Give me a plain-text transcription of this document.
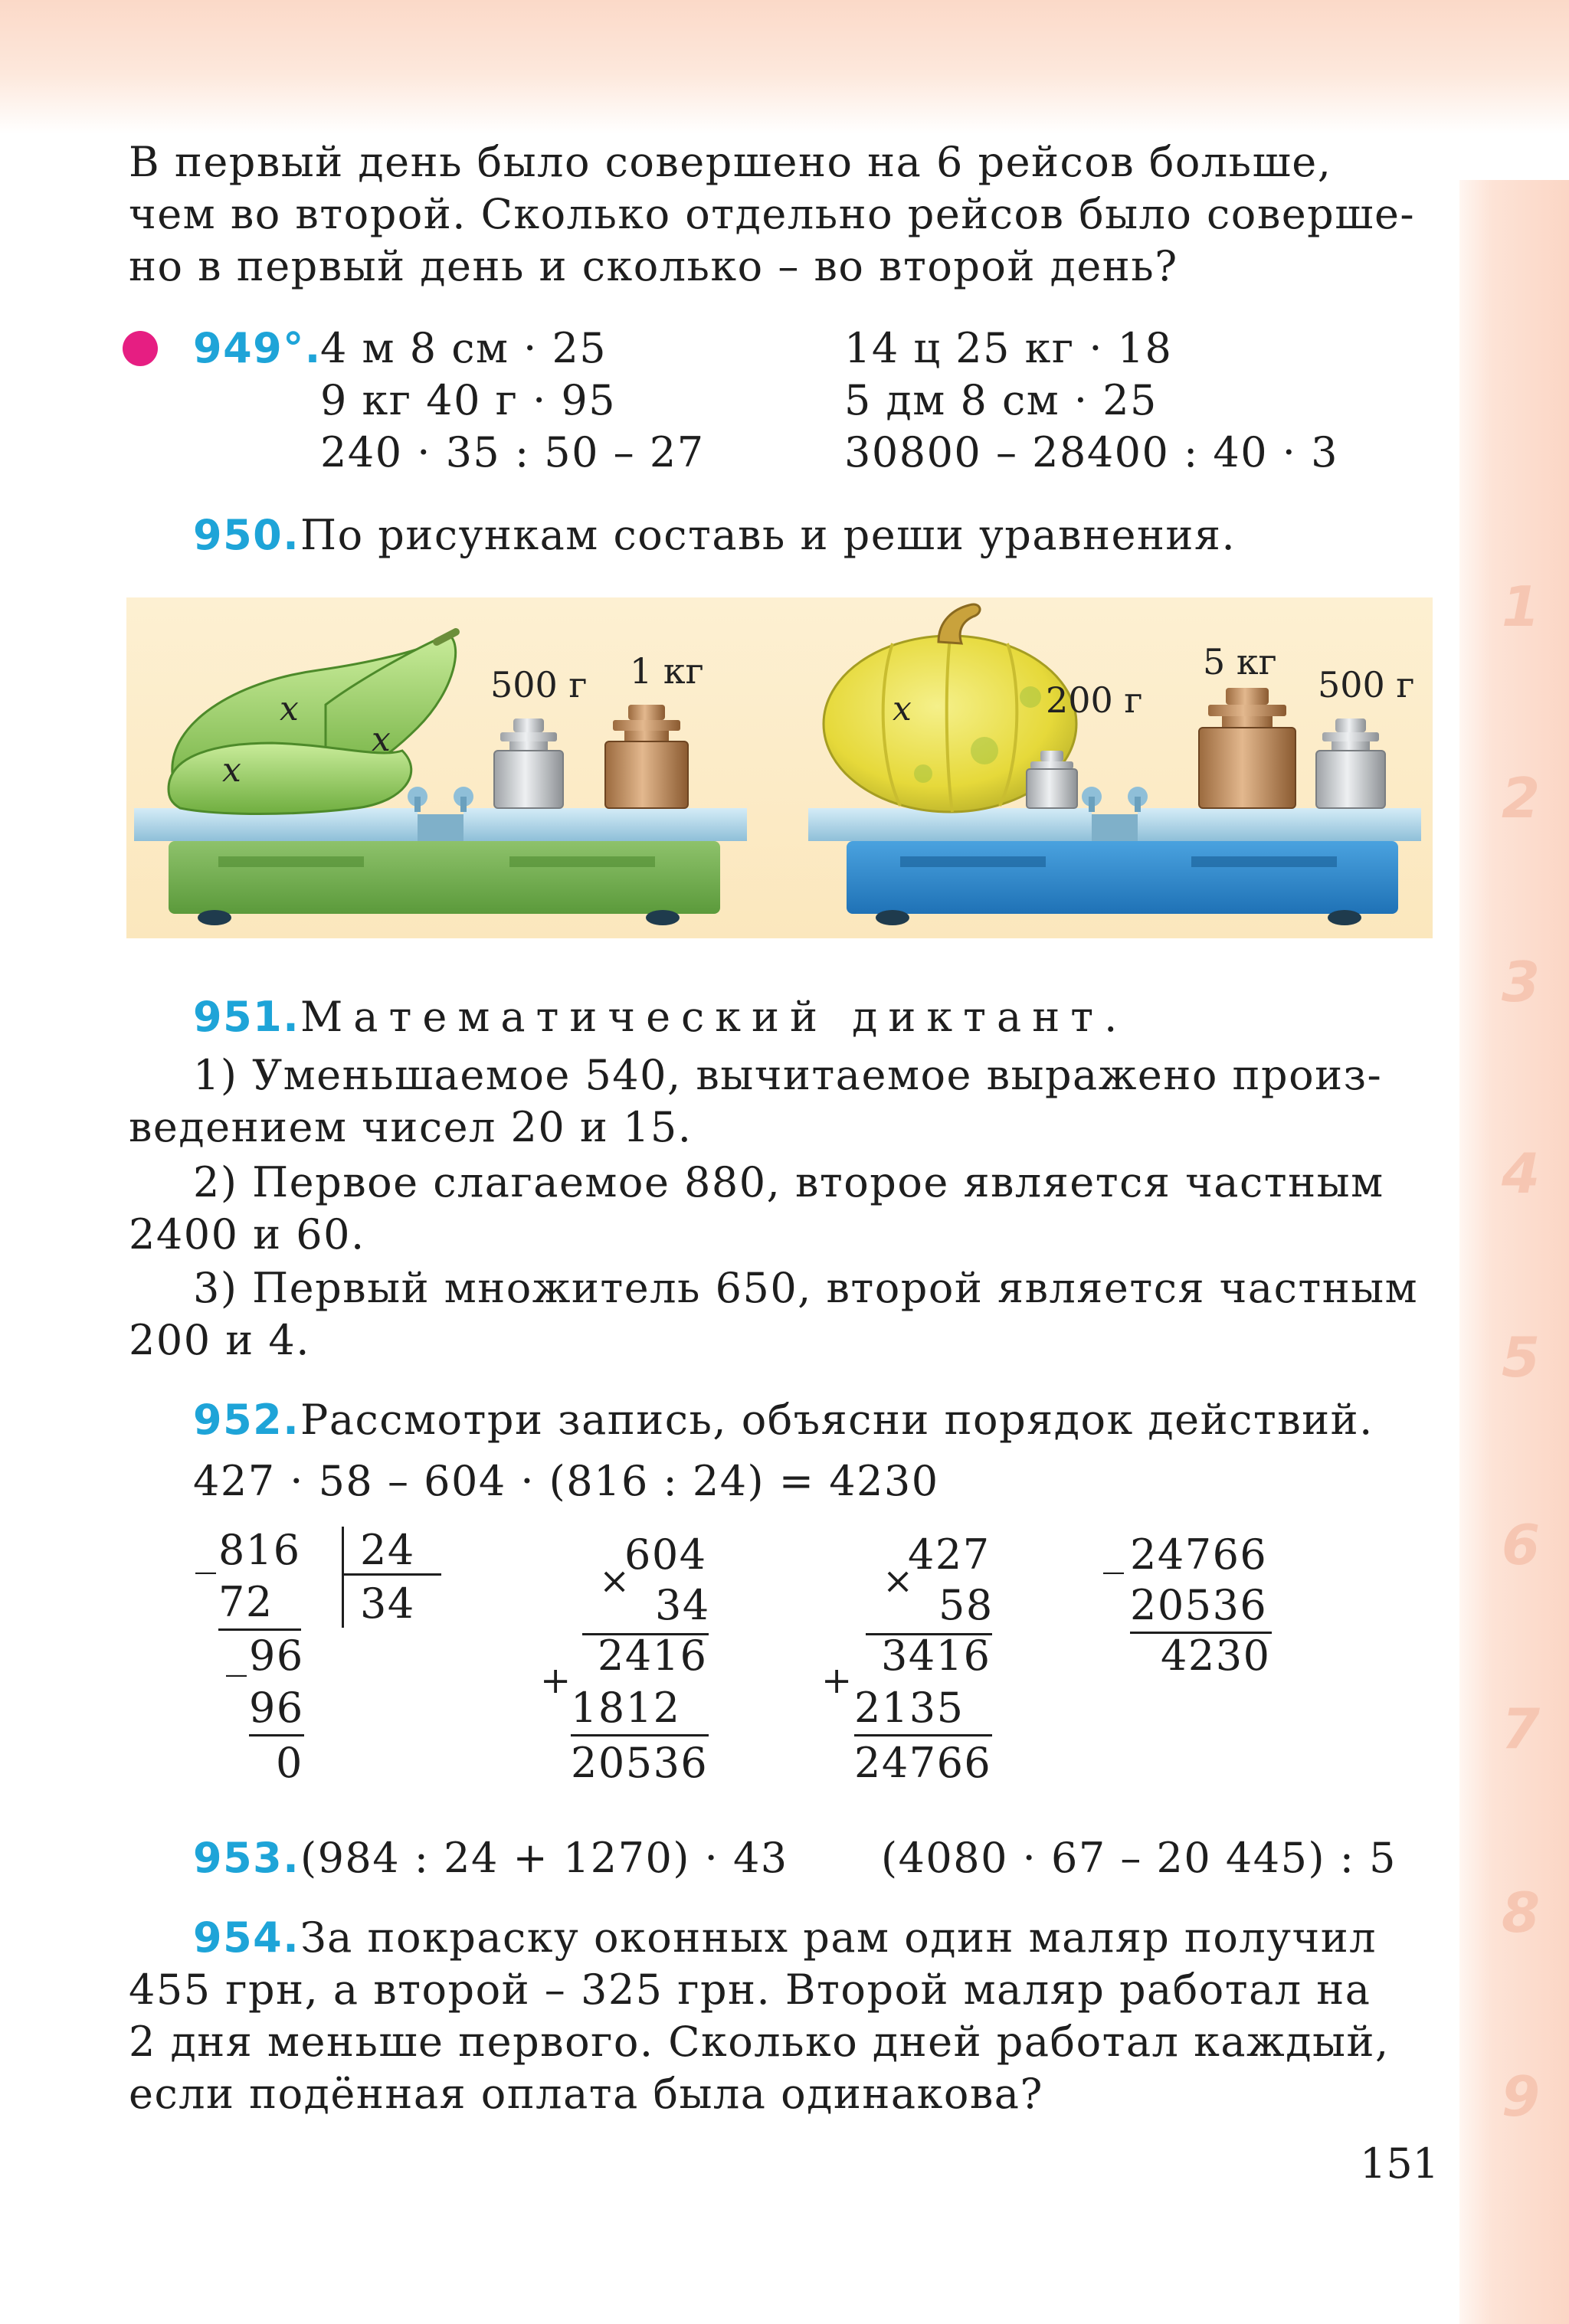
1
2
3
4
5
6
7
8
9
В первый день было совершено на 6 рейсов больше,
чем во второй. Сколько отдельно рейсов было соверше-
но в первый день и сколько – во второй день?
949°.
4 м 8 см · 25
9 кг 40 г · 95
240 · 35 : 50 – 27
14 ц 25 кг · 18
5 дм 8 см · 25
30800 – 28400 : 40 · 3
950. По рисункам составь и реши уравнения.
x
x
x
500 г 1 кг
x	200 г
5 кг
500 г
951. Математический диктант.
1) Уменьшаемое 540, вычитаемое выражено произ-
ведением чисел 20 и 15.
2) Первое слагаемое 880, второе является частным
2400 и 60.
3) Первый множитель 650, второй является частным
200 и 4.
952. Рассмотри запись, объясни порядок действий.
427 · 58 – 604 · (816 : 24) = 4230
_ 816 24
34
72
_ 96
96
0
×
604
34
2416
+
1812
20536
×
427
58
3416
+
2135
24766
_ 24766
20536
4230
953. (984 : 24 + 1270) · 43 (4080 · 67 – 20 445) : 5
954. За покраску оконных рам один маляр получил
455 грн, а второй – 325 грн. Второй маляр работал на
2 дня меньше первого. Сколько дней работал каждый,
если подённая оплата была одинакова?
151
